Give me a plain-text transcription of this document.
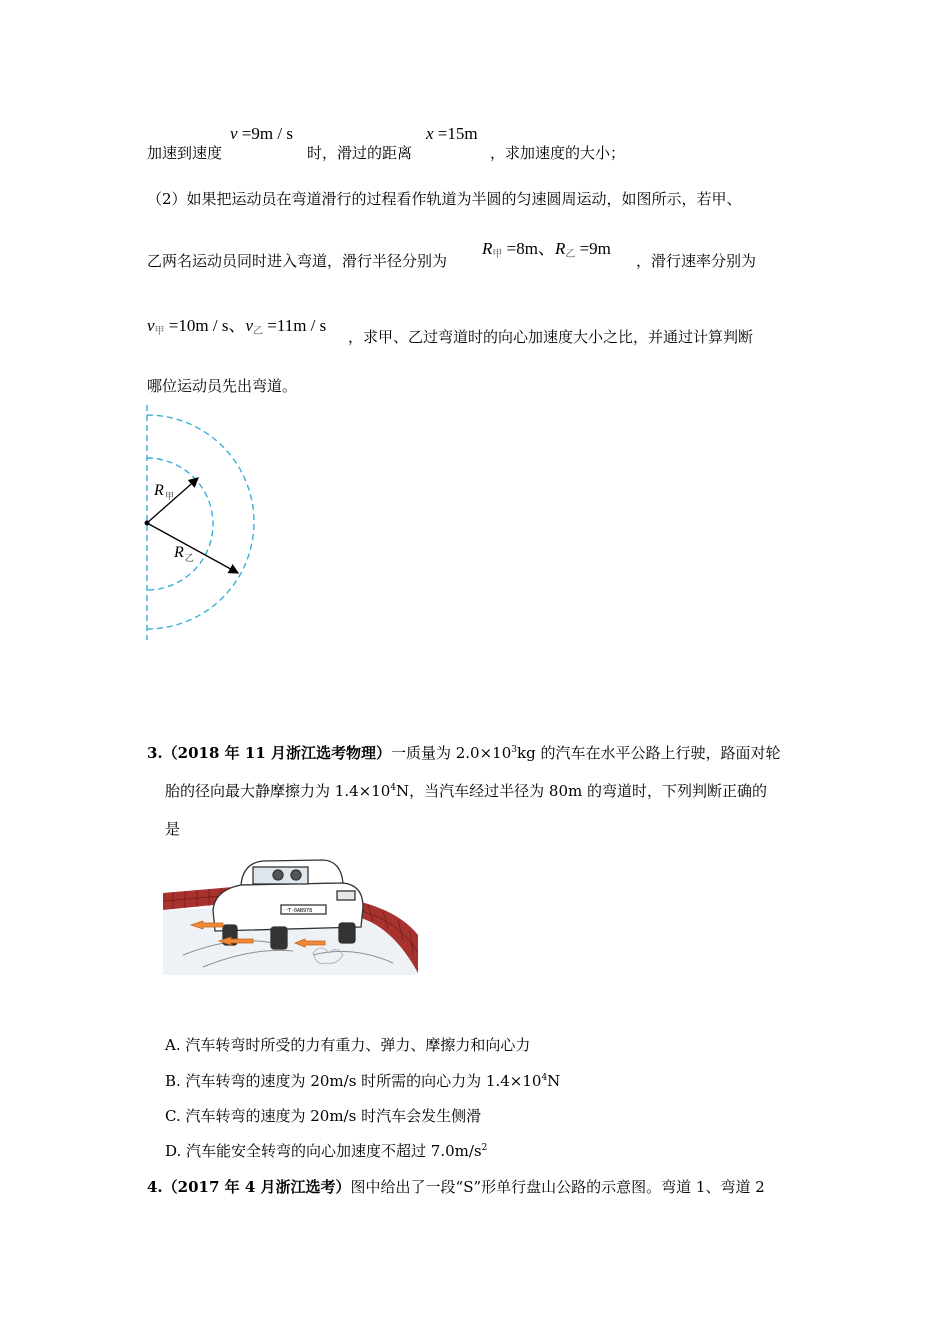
加速到速度
v =9m / s
时，滑过的距离
x =15m
，求加速度的大小；
（2）如果把运动员在弯道滑行的过程看作轨道为半圆的匀速圆周运动，如图所示，若甲、
乙两名运动员同时进入弯道，滑行半径分别为
$R_甲 =8m$、$R_乙 =9m$
，滑行速率分别为
$v_甲 =10m / s$、$v_乙 =11m / s$
，求甲、乙过弯道时的向心加速度大小之比，并通过计算判断
哪位运动员先出弯道。
R 甲
R 乙
3.（2018 年 11 月浙江选考物理）一质量为 $2.0\times 10^3kg$ 的汽车在水平公路上行驶，路面对轮
胎的径向最大静摩擦力为 $1.4\times 10^4N$，当汽车经过半径为 80m 的弯道时，下列判断正确的
是
一T·0AB978
A. 汽车转弯时所受的力有重力、弹力、摩擦力和向心力
B. 汽车转弯的速度为 20m/s 时所需的向心力为 $1.4\times 10^4N$
C. 汽车转弯的速度为 20m/s 时汽车会发生侧滑
D. 汽车能安全转弯的向心加速度不超过 $7.0m/s^2$
4.（2017 年 4 月浙江选考）图中给出了一段“S”形单行盘山公路的示意图。弯道 1、弯道 2
